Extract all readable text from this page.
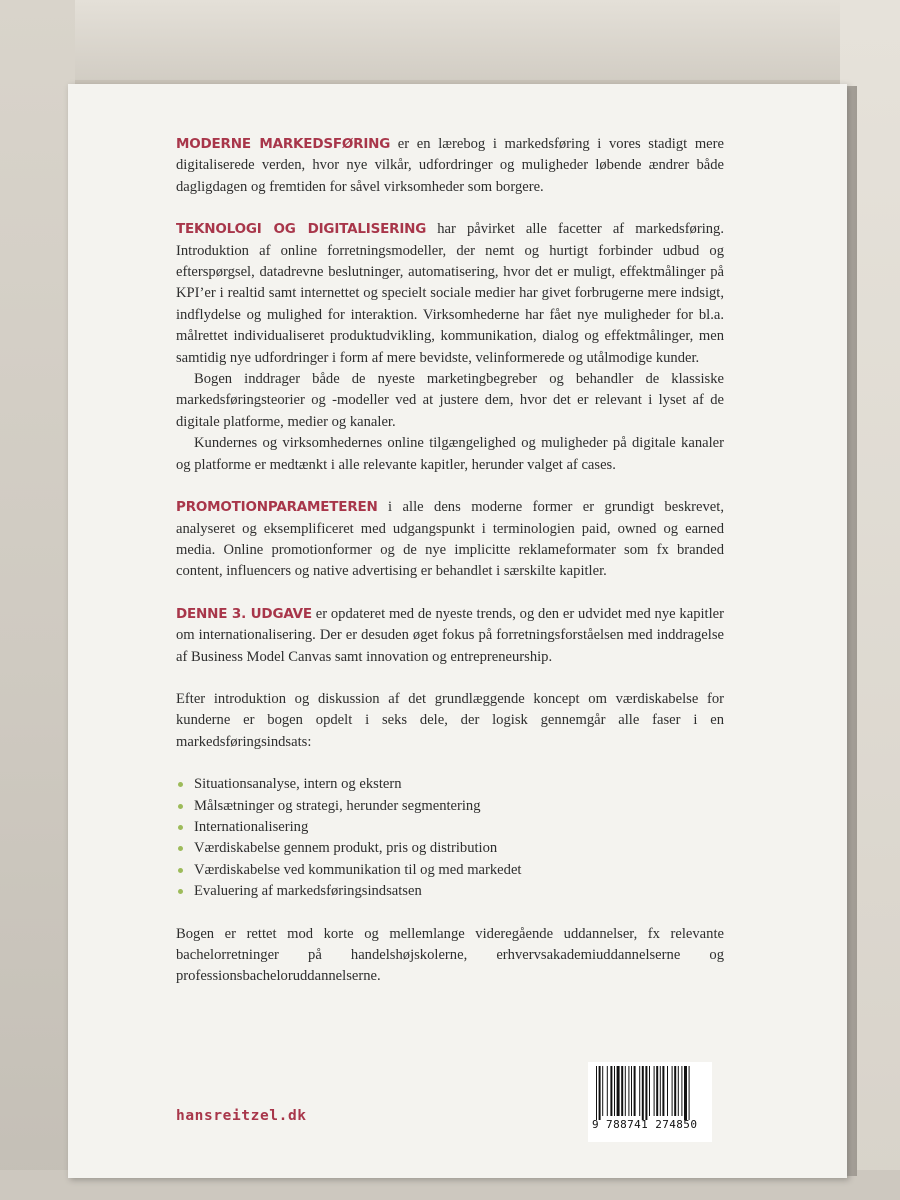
MODERNE MARKEDSFØRING er en lærebog i markedsføring i vores stadigt mere digitaliserede verden, hvor nye vilkår, udfordringer og muligheder løbende ændrer både dagligdagen og fremtiden for såvel virksomheder som borgere.

TEKNOLOGI OG DIGITALISERING har påvirket alle facetter af markedsføring. Introduktion af online forretningsmodeller, der nemt og hurtigt forbinder udbud og efterspørgsel, datadrevne beslutninger, automatisering, hvor det er muligt, effektmålinger på KPI’er i realtid samt internettet og specielt sociale medier har givet forbrugerne mere indsigt, indflydelse og mulighed for interaktion. Virksomhederne har fået nye muligheder for bl.a. målrettet individualiseret produktudvikling, kommunikation, dialog og effektmålinger, men samtidig nye udfordringer i form af mere bevidste, velinformerede og utålmodige kunder.

Bogen inddrager både de nyeste marketingbegreber og behandler de klassiske markedsføringsteorier og -modeller ved at justere dem, hvor det er relevant i lyset af de digitale platforme, medier og kanaler.

Kundernes og virksomhedernes online tilgængelighed og muligheder på digitale kanaler og platforme er medtænkt i alle relevante kapitler, herunder valget af cases.

PROMOTIONPARAMETEREN i alle dens moderne former er grundigt beskrevet, analyseret og eksemplificeret med udgangspunkt i terminologien paid, owned og earned media. Online promotionformer og de nye implicitte reklameformater som fx branded content, influencers og native advertising er behandlet i særskilte kapitler.

DENNE 3. UDGAVE er opdateret med de nyeste trends, og den er udvidet med nye kapitler om internationalisering. Der er desuden øget fokus på forretningsforståelsen med inddragelse af Business Model Canvas samt innovation og entrepreneurship.

Efter introduktion og diskussion af det grundlæggende koncept om værdiskabelse for kunderne er bogen opdelt i seks dele, der logisk gennemgår alle faser i en markedsføringsindsats:

Situationsanalyse, intern og ekstern
Målsætninger og strategi, herunder segmentering
Internationalisering
Værdiskabelse gennem produkt, pris og distribution
Værdiskabelse ved kommunikation til og med markedet
Evaluering af markedsføringsindsatsen

Bogen er rettet mod korte og mellemlange videregående uddannelser, fx relevante bachelorretninger på handelshøjskolerne, erhvervsakademiuddannelserne og professionsbacheloruddannelserne.

hansreitzel.dk
9 788741 274850
